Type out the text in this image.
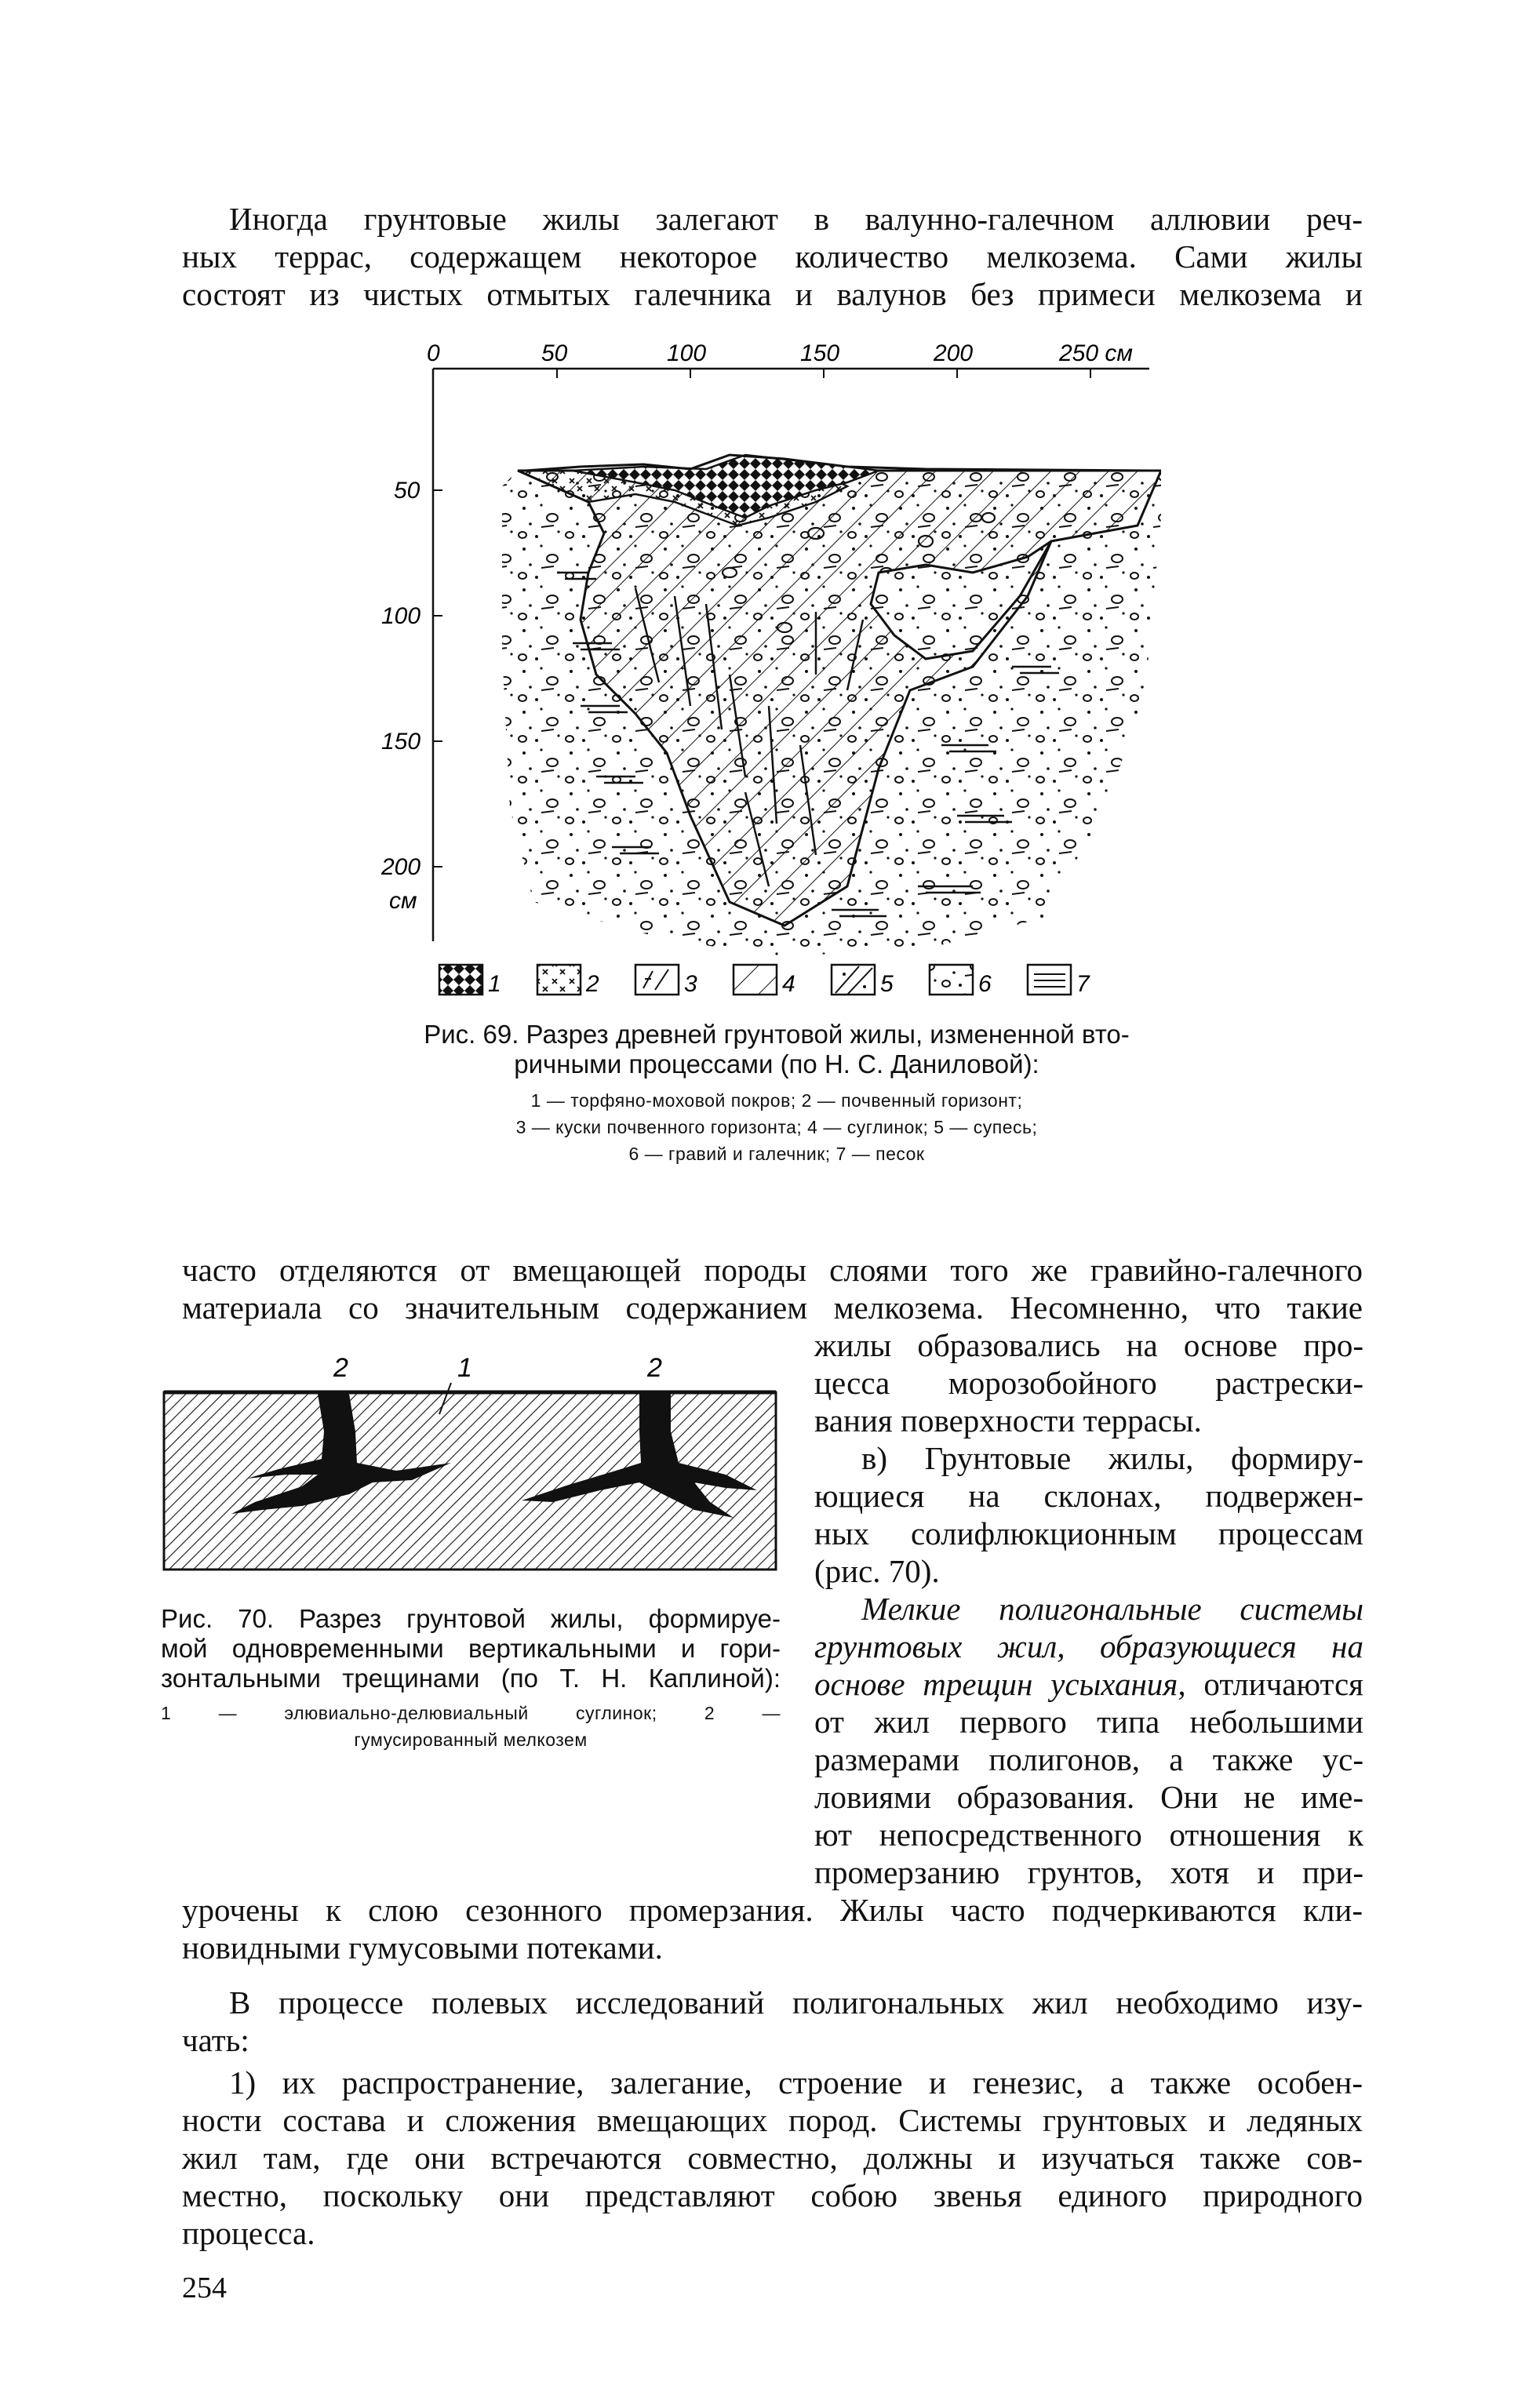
Иногда грунтовые жилы залегают в валунно-галечном аллювии реч-
ных террас, содержащем некоторое количество мелкозема. Сами жилы
состоят из чистых отмытых галечника и валунов без примеси мелкозема и
0	50	100	150	200	250 см
50
100
150
200
см
1	2	3	4	5	6	7
Рис. 69. Разрез древней грунтовой жилы, измененной вто-
ричными процессами (по Н. С. Даниловой):
1 — торфяно-моховой покров; 2 — почвенный горизонт;
3 — куски почвенного горизонта; 4 — суглинок; 5 — супесь;
6 — гравий и галечник; 7 — песок
часто отделяются от вмещающей породы слоями того же гравийно-галечного
материала со значительным содержанием мелкозема. Несомненно, что такие
2	1	2
Рис. 70. Разрез грунтовой жилы, формируе-
мой одновременными вертикальными и гори-
зонтальными трещинами (по Т. Н. Каплиной):
1 — элювиально-делювиальный суглинок; 2 —
гумусированный мелкозем
жилы образовались на основе про-
цесса морозобойного растрески-
вания поверхности террасы.
в) Грунтовые жилы, формиру-
ющиеся на склонах, подвержен-
ных солифлюкционным процессам
(рис. 70).
Мелкие полигональные системы
грунтовых жил, образующиеся на
основе трещин усыхания, отличаются
от жил первого типа небольшими
размерами полигонов, а также ус-
ловиями образования. Они не име-
ют непосредственного отношения к
промерзанию грунтов, хотя и при-
урочены к слою сезонного промерзания. Жилы часто подчеркиваются кли-
новидными гумусовыми потеками.
В процессе полевых исследований полигональных жил необходимо изу-
чать:
1) их распространение, залегание, строение и генезис, а также особен-
ности состава и сложения вмещающих пород. Системы грунтовых и ледяных
жил там, где они встречаются совместно, должны и изучаться также сов-
местно, поскольку они представляют собою звенья единого природного
процесса.
254
